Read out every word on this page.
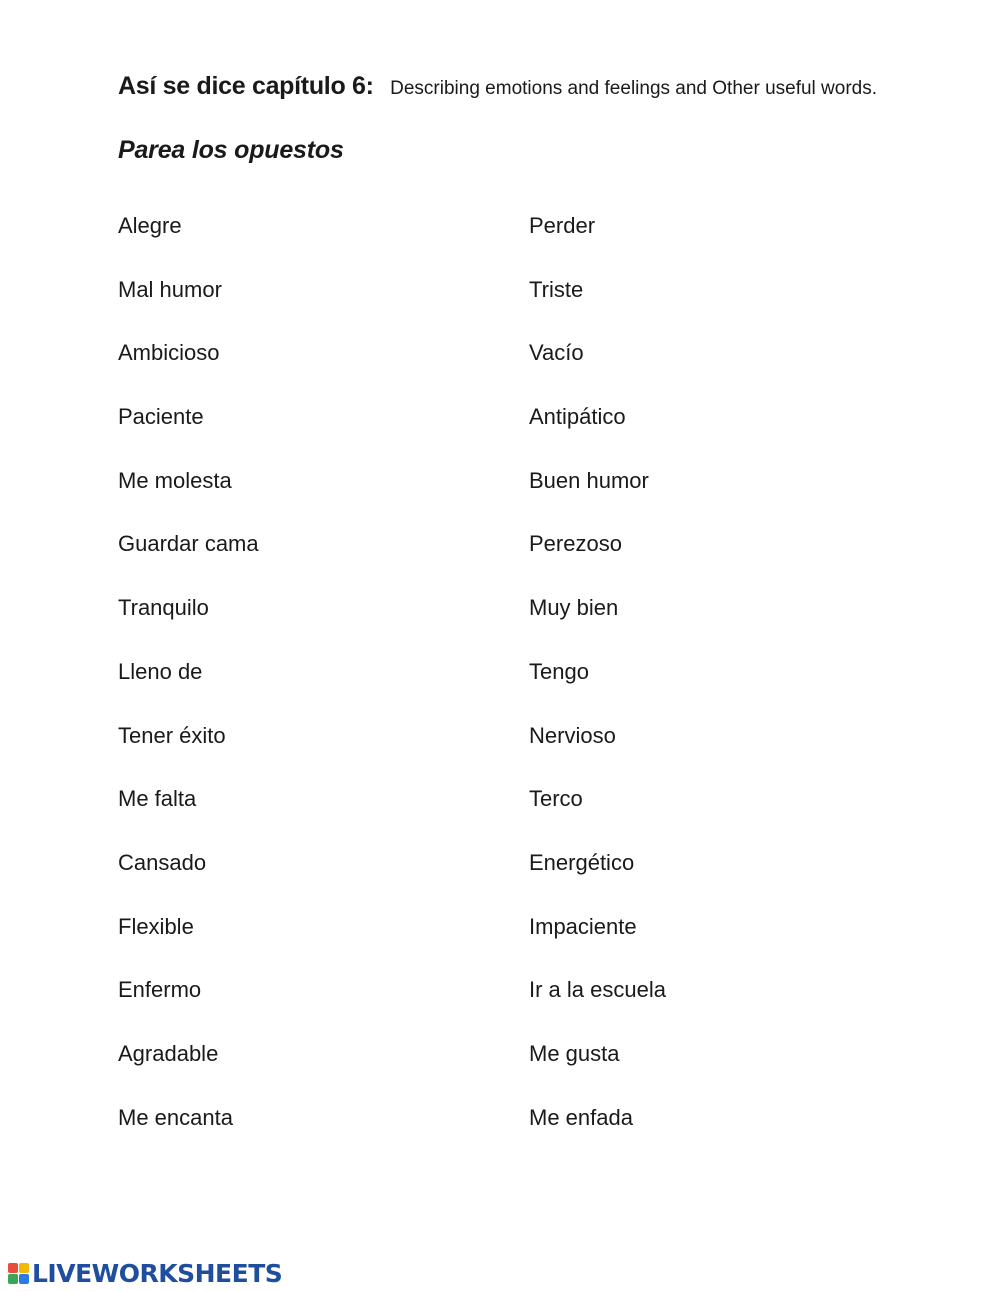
Así se dice capítulo 6: Describing emotions and feelings and Other useful words.
Parea los opuestos
Alegre
Mal humor
Ambicioso
Paciente
Me molesta
Guardar cama
Tranquilo
Lleno de
Tener éxito
Me falta
Cansado
Flexible
Enfermo
Agradable
Me encanta
Perder
Triste
Vacío
Antipático
Buen humor
Perezoso
Muy bien
Tengo
Nervioso
Terco
Energético
Impaciente
Ir a la escuela
Me gusta
Me enfada
LIVEWORKSHEETS
